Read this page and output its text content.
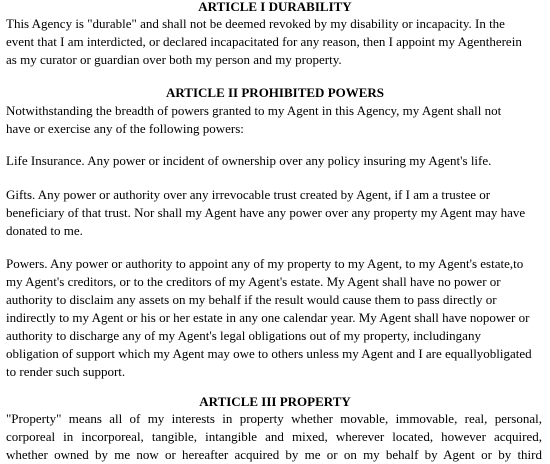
ARTICLE I DURABILITY
This Agency is "durable" and shall not be deemed revoked by my disability or incapacity. In the
event that I am interdicted, or declared incapacitated for any reason, then I appoint my Agentherein
as my curator or guardian over both my person and my property.
ARTICLE II PROHIBITED POWERS
Notwithstanding the breadth of powers granted to my Agent in this Agency, my Agent shall not
have or exercise any of the following powers:
Life Insurance. Any power or incident of ownership over any policy insuring my Agent's life.
Gifts. Any power or authority over any irrevocable trust created by Agent, if I am a trustee or
beneficiary of that trust. Nor shall my Agent have any power over any property my Agent may have
donated to me.
Powers. Any power or authority to appoint any of my property to my Agent, to my Agent's estate,to
my Agent's creditors, or to the creditors of my Agent's estate. My Agent shall have no power or
authority to disclaim any assets on my behalf if the result would cause them to pass directly or
indirectly to my Agent or his or her estate in any one calendar year. My Agent shall have nopower or
authority to discharge any of my Agent's legal obligations out of my property, includingany
obligation of support which my Agent may owe to others unless my Agent and I are equallyobligated
to render such support.
ARTICLE III PROPERTY
"Property" means all of my interests in property whether movable, immovable, real, personal,
corporeal in incorporeal, tangible, intangible and mixed, wherever located, however acquired,
whether owned by me now or hereafter acquired by me or on my behalf by Agent or by third
